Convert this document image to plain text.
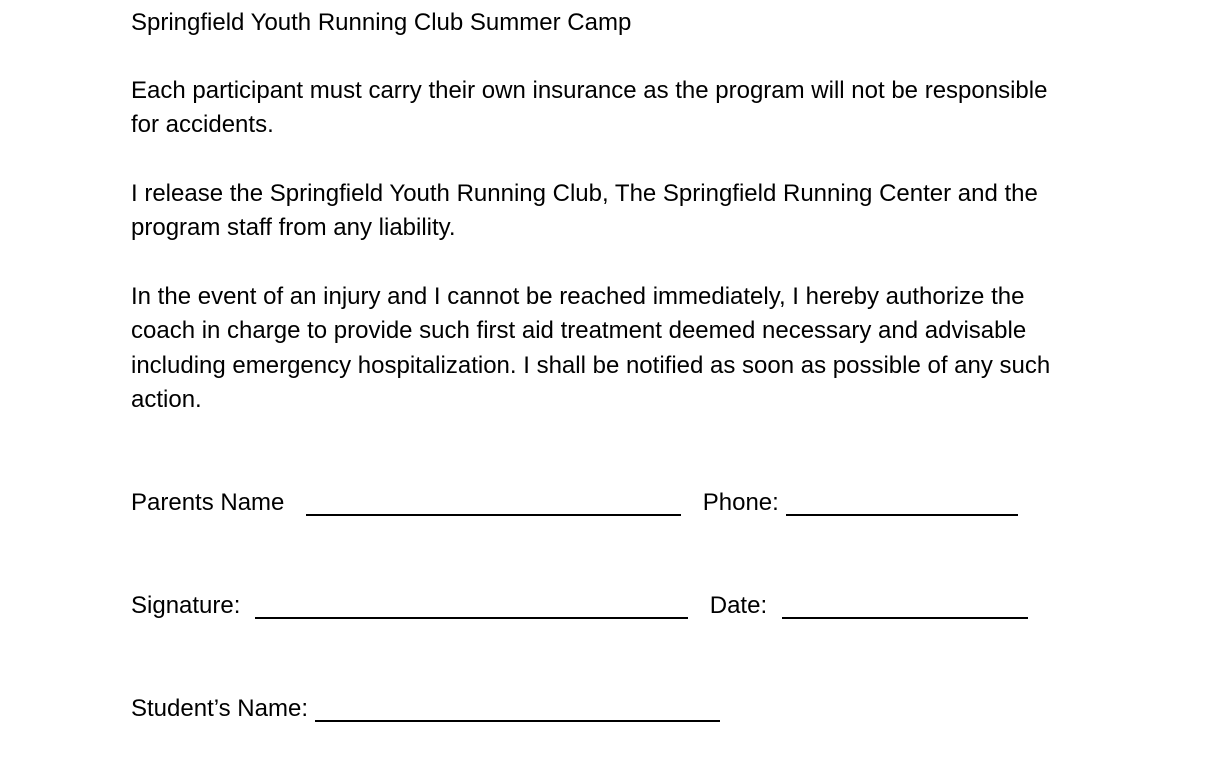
Springfield Youth Running Club Summer Camp

Each participant must carry their own insurance as the program will not be responsible for accidents.

I release the Springfield Youth Running Club, The Springfield Running Center and the program staff from any liability.

In the event of an injury and I cannot be reached immediately, I hereby authorize the coach in charge to provide such first aid treatment deemed necessary and advisable including emergency hospitalization. I shall be notified as soon as possible of any such action.

Parents Name	Phone:
Signature:	Date:
Student’s Name:
